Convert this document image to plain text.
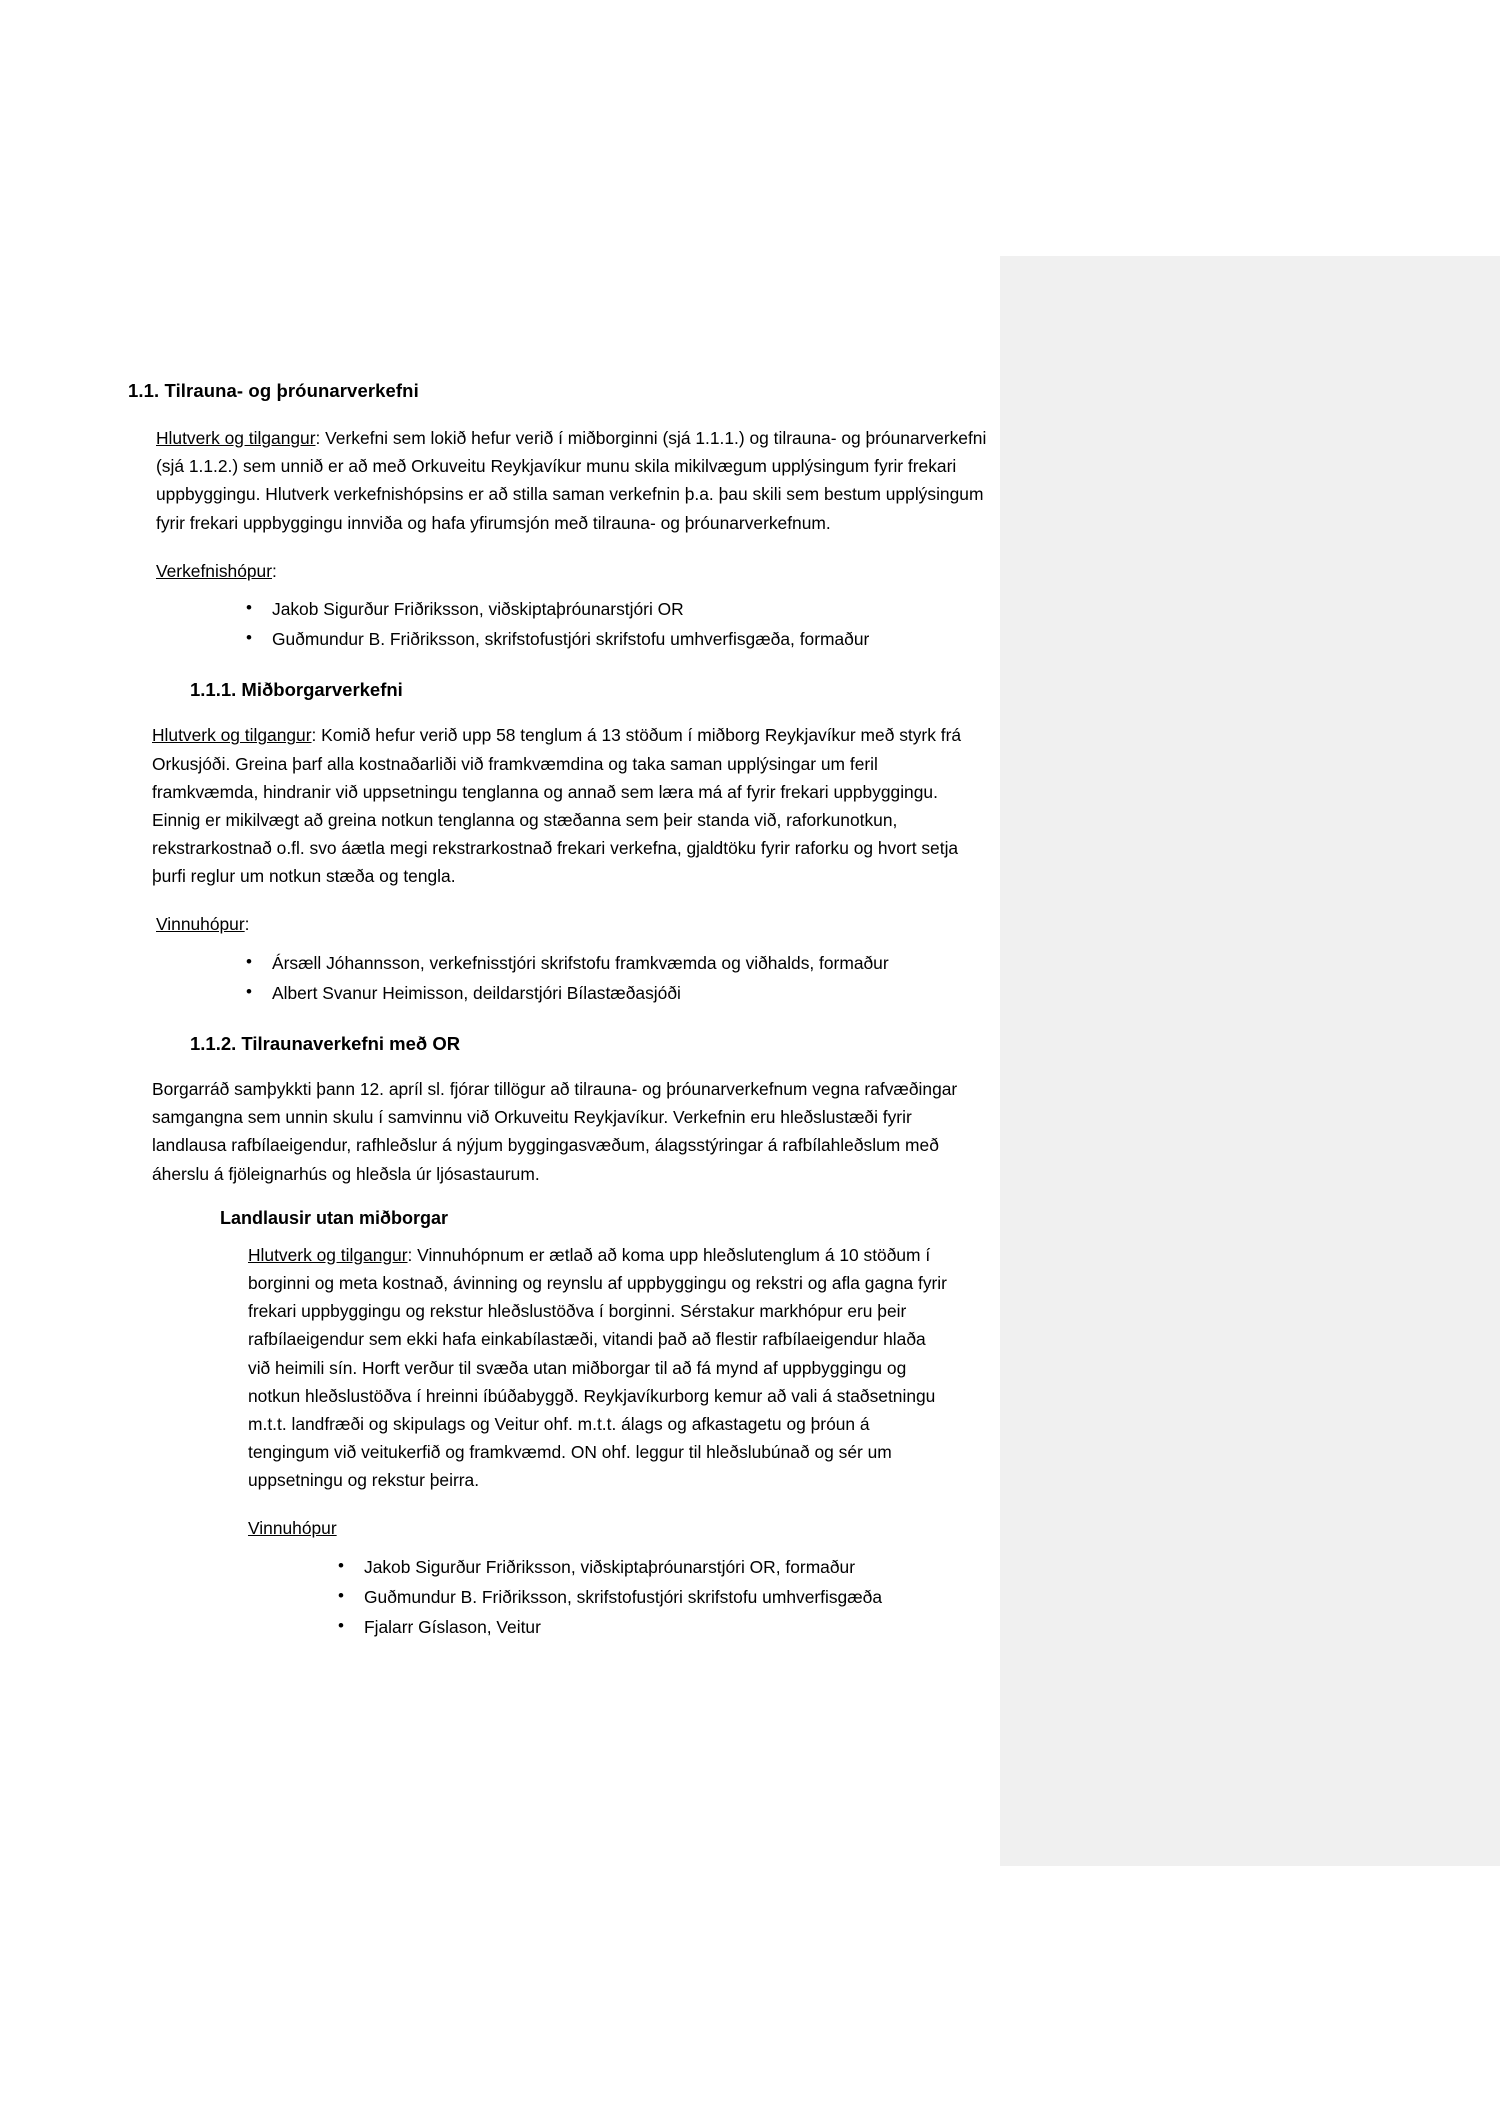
1.1. Tilrauna- og þróunarverkefni

Hlutverk og tilgangur: Verkefni sem lokið hefur verið í miðborginni (sjá 1.1.1.) og tilrauna- og þróunarverkefni (sjá 1.1.2.) sem unnið er að með Orkuveitu Reykjavíkur munu skila mikilvægum upplýsingum fyrir frekari uppbyggingu. Hlutverk verkefnishópsins er að stilla saman verkefnin þ.a. þau skili sem bestum upplýsingum fyrir frekari uppbyggingu innviða og hafa yfirumsjón með tilrauna- og þróunarverkefnum.

Verkefnishópur:

• Jakob Sigurður Friðriksson, viðskiptaþróunarstjóri OR
• Guðmundur B. Friðriksson, skrifstofustjóri skrifstofu umhverfisgæða, formaður
1.1.1. Miðborgarverkefni

Hlutverk og tilgangur: Komið hefur verið upp 58 tenglum á 13 stöðum í miðborg Reykjavíkur með styrk frá Orkusjóði. Greina þarf alla kostnaðarliði við framkvæmdina og taka saman upplýsingar um feril framkvæmda, hindranir við uppsetningu tenglanna og annað sem læra má af fyrir frekari uppbyggingu. Einnig er mikilvægt að greina notkun tenglanna og stæðanna sem þeir standa við, raforkunotkun, rekstrarkostnað o.fl. svo áætla megi rekstrarkostnað frekari verkefna, gjaldtöku fyrir raforku og hvort setja þurfi reglur um notkun stæða og tengla.

Vinnuhópur:

• Ársæll Jóhannsson, verkefnisstjóri skrifstofu framkvæmda og viðhalds, formaður
• Albert Svanur Heimisson, deildarstjóri Bílastæðasjóði
1.1.2. Tilraunaverkefni með OR

Borgarráð samþykkti þann 12. apríl sl. fjórar tillögur að tilrauna- og þróunarverkefnum vegna rafvæðingar samgangna sem unnin skulu í samvinnu við Orkuveitu Reykjavíkur. Verkefnin eru hleðslustæði fyrir landlausa rafbílaeigendur, rafhleðslur á nýjum byggingasvæðum, álagsstýringar á rafbílahleðslum með áherslu á fjöleignarhús og hleðsla úr ljósastaurum.

Landlausir utan miðborgar

Hlutverk og tilgangur: Vinnuhópnum er ætlað að koma upp hleðslutenglum á 10 stöðum í borginni og meta kostnað, ávinning og reynslu af uppbyggingu og rekstri og afla gagna fyrir frekari uppbyggingu og rekstur hleðslustöðva í borginni. Sérstakur markhópur eru þeir rafbílaeigendur sem ekki hafa einkabílastæði, vitandi það að flestir rafbílaeigendur hlaða við heimili sín. Horft verður til svæða utan miðborgar til að fá mynd af uppbyggingu og notkun hleðslustöðva í hreinni íbúðabyggð. Reykjavíkurborg kemur að vali á staðsetningu m.t.t. landfræði og skipulags og Veitur ohf. m.t.t. álags og afkastagetu og þróun á tengingum við veitukerfið og framkvæmd. ON ohf. leggur til hleðslubúnað og sér um uppsetningu og rekstur þeirra.

Vinnuhópur

• Jakob Sigurður Friðriksson, viðskiptaþróunarstjóri OR, formaður
• Guðmundur B. Friðriksson, skrifstofustjóri skrifstofu umhverfisgæða
• Fjalarr Gíslason, Veitur
